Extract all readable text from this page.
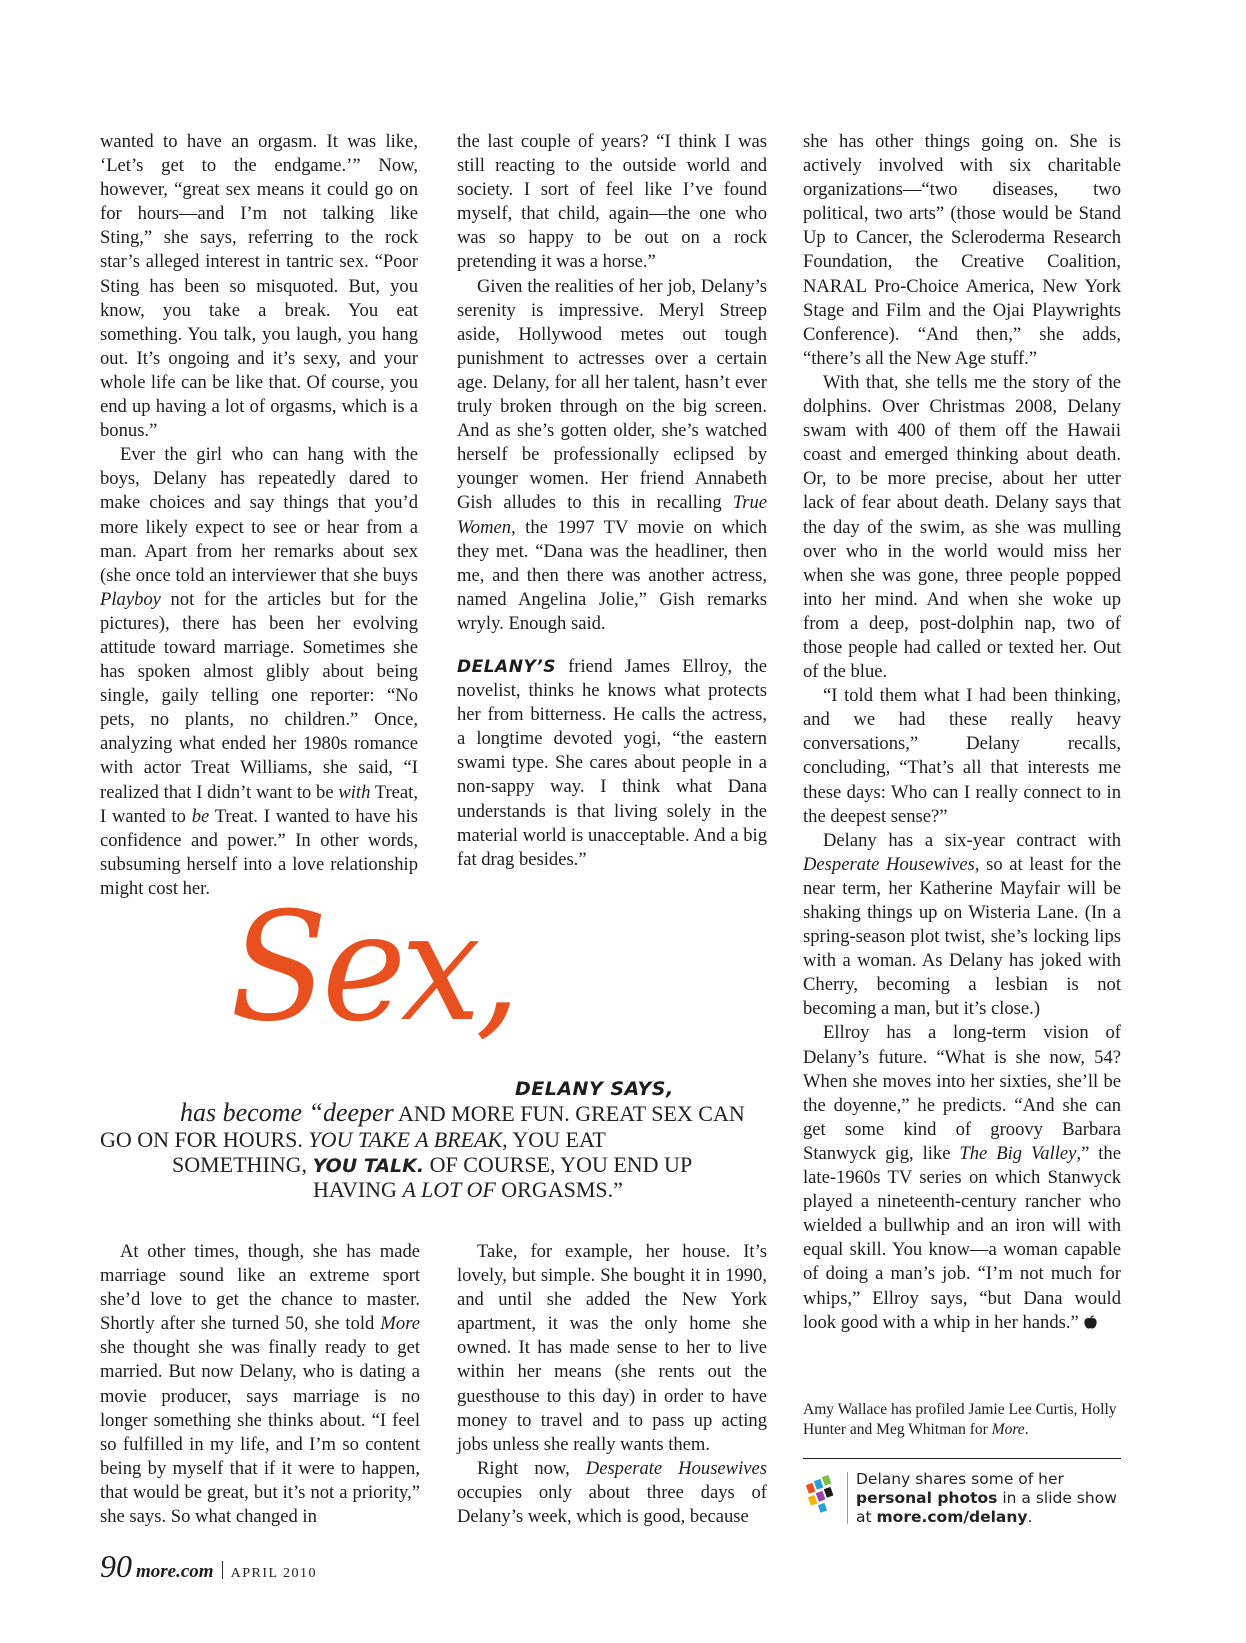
wanted to have an orgasm. It was like, ‘Let’s get to the endgame.’” Now, however, “great sex means it could go on for hours—and I’m not talking like Sting,” she says, referring to the rock star’s alleged interest in tantric sex. “Poor Sting has been so misquoted. But, you know, you take a break. You eat something. You talk, you laugh, you hang out. It’s ongoing and it’s sexy, and your whole life can be like that. Of course, you end up having a lot of orgasms, which is a bonus.”

Ever the girl who can hang with the boys, Delany has repeatedly dared to make choices and say things that you’d more likely expect to see or hear from a man. Apart from her remarks about sex (she once told an interviewer that she buys Playboy not for the articles but for the pictures), there has been her evolving attitude toward marriage. Sometimes she has spoken almost glibly about being single, gaily telling one reporter: “No pets, no plants, no children.” Once, analyzing what ended her 1980s romance with actor Treat Williams, she said, “I realized that I didn’t want to be with Treat, I wanted to be Treat. I wanted to have his confidence and power.” In other words, subsuming herself into a love relationship might cost her.

the last couple of years? “I think I was still reacting to the outside world and society. I sort of feel like I’ve found myself, that child, again—the one who was so happy to be out on a rock pretending it was a horse.”

Given the realities of her job, Delany’s serenity is impressive. Meryl Streep aside, Hollywood metes out tough punishment to actresses over a certain age. Delany, for all her talent, hasn’t ever truly broken through on the big screen. And as she’s gotten older, she’s watched herself be professionally eclipsed by younger women. Her friend Annabeth Gish alludes to this in recalling True Women, the 1997 TV movie on which they met. “Dana was the headliner, then me, and then there was another actress, named Angelina Jolie,” Gish remarks wryly. Enough said.

DELANY’S friend James Ellroy, the novelist, thinks he knows what protects her from bitterness. He calls the actress, a longtime devoted yogi, “the eastern swami type. She cares about people in a non-sappy way. I think what Dana understands is that living solely in the material world is unacceptable. And a big fat drag besides.”

she has other things going on. She is actively involved with six charitable organizations—“two diseases, two political, two arts” (those would be Stand Up to Cancer, the Scleroderma Research Foundation, the Creative Coalition, NARAL Pro-Choice America, New York Stage and Film and the Ojai Playwrights Conference). “And then,” she adds, “there’s all the New Age stuff.”

With that, she tells me the story of the dolphins. Over Christmas 2008, Delany swam with 400 of them off the Hawaii coast and emerged thinking about death. Or, to be more precise, about her utter lack of fear about death. Delany says that the day of the swim, as she was mulling over who in the world would miss her when she was gone, three people popped into her mind. And when she woke up from a deep, post-dolphin nap, two of those people had called or texted her. Out of the blue.

“I told them what I had been thinking, and we had these really heavy conversations,” Delany recalls, concluding, “That’s all that interests me these days: Who can I really connect to in the deepest sense?”

Delany has a six-year contract with Desperate Housewives, so at least for the near term, her Katherine Mayfair will be shaking things up on Wisteria Lane. (In a spring-season plot twist, she’s locking lips with a woman. As Delany has joked with Cherry, becoming a lesbian is not becoming a man, but it’s close.)

Ellroy has a long-term vision of Delany’s future. “What is she now, 54? When she moves into her sixties, she’ll be the doyenne,” he predicts. “And she can get some kind of groovy Barbara Stanwyck gig, like The Big Valley,” the late-1960s TV series on which Stanwyck played a nineteenth-century rancher who wielded a bullwhip and an iron will with equal skill. You know—a woman capable of doing a man’s job. “I’m not much for whips,” Ellroy says, “but Dana would look good with a whip in her hands.”

At other times, though, she has made marriage sound like an extreme sport she’d love to get the chance to master. Shortly after she turned 50, she told More she thought she was finally ready to get married. But now Delany, who is dating a movie producer, says marriage is no longer something she thinks about. “I feel so fulfilled in my life, and I’m so content being by myself that if it were to happen, that would be great, but it’s not a priority,” she says. So what changed in

Take, for example, her house. It’s lovely, but simple. She bought it in 1990, and until she added the New York apartment, it was the only home she owned. It has made sense to her to live within her means (she rents out the guesthouse to this day) in order to have money to travel and to pass up acting jobs unless she really wants them.

Right now, Desperate Housewives occupies only about three days of Delany’s week, which is good, because

Sex,
DELANY SAYS,
has become “deeper AND MORE FUN. GREAT SEX CAN
GO ON FOR HOURS. YOU TAKE A BREAK, YOU EAT
SOMETHING, YOU TALK. OF COURSE, YOU END UP
HAVING A LOT OF ORGASMS.”
Amy Wallace has profiled Jamie Lee Curtis, Holly Hunter and Meg Whitman for More.
Delany shares some of her personal photos in a slide show at more.com/delany.
90 more.com APRIL 2010
